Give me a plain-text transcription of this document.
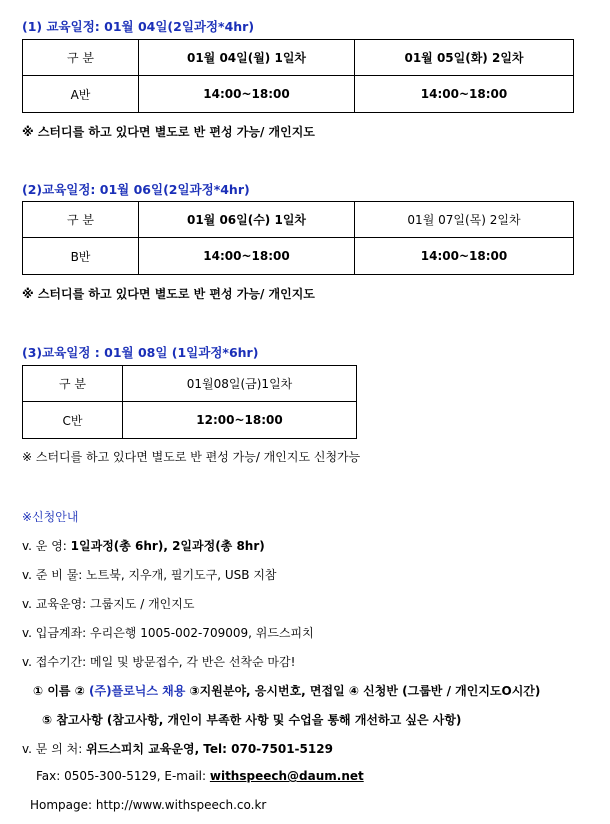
(1) 교육일정: 01월 04일(2일과정*4hr)
구 분	01월 04일(월) 1일차	01월 05일(화) 2일차
A반	14:00~18:00	14:00~18:00
※ 스터디를 하고 있다면 별도로 반 편성 가능/ 개인지도
(2)교육일정: 01월 06일(2일과정*4hr)
구 분	01월 06일(수) 1일차	01월 07일(목) 2일차
B반	14:00~18:00	14:00~18:00
※ 스터디를 하고 있다면 별도로 반 편성 가능/ 개인지도
(3)교육일정 : 01월 08일 (1일과정*6hr)
구 분	01월08일(금)1일차
C반	12:00~18:00
※ 스터디를 하고 있다면 별도로 반 편성 가능/ 개인지도 신청가능
※신청안내
v. 운 영: 1일과정(총 6hr), 2일과정(총 8hr)
v. 준 비 물: 노트북, 지우개, 필기도구, USB 지참
v. 교육운영: 그룹지도 / 개인지도
v. 입금계좌: 우리은행 1005-002-709009, 위드스피치
v. 접수기간: 메일 및 방문접수, 각 반은 선착순 마감!
① 이름 ② (주)플로닉스 채용 ③지원분야, 응시번호, 면접일 ④ 신청반 (그룹반 / 개인지도O시간)
⑤ 참고사항 (참고사항, 개인이 부족한 사항 및 수업을 통해 개선하고 싶은 사항)
v. 문 의 처: 위드스피치 교육운영, Tel: 070-7501-5129
Fax: 0505-300-5129, E-mail: withspeech@daum.net
Hompage: http://www.withspeech.co.kr
